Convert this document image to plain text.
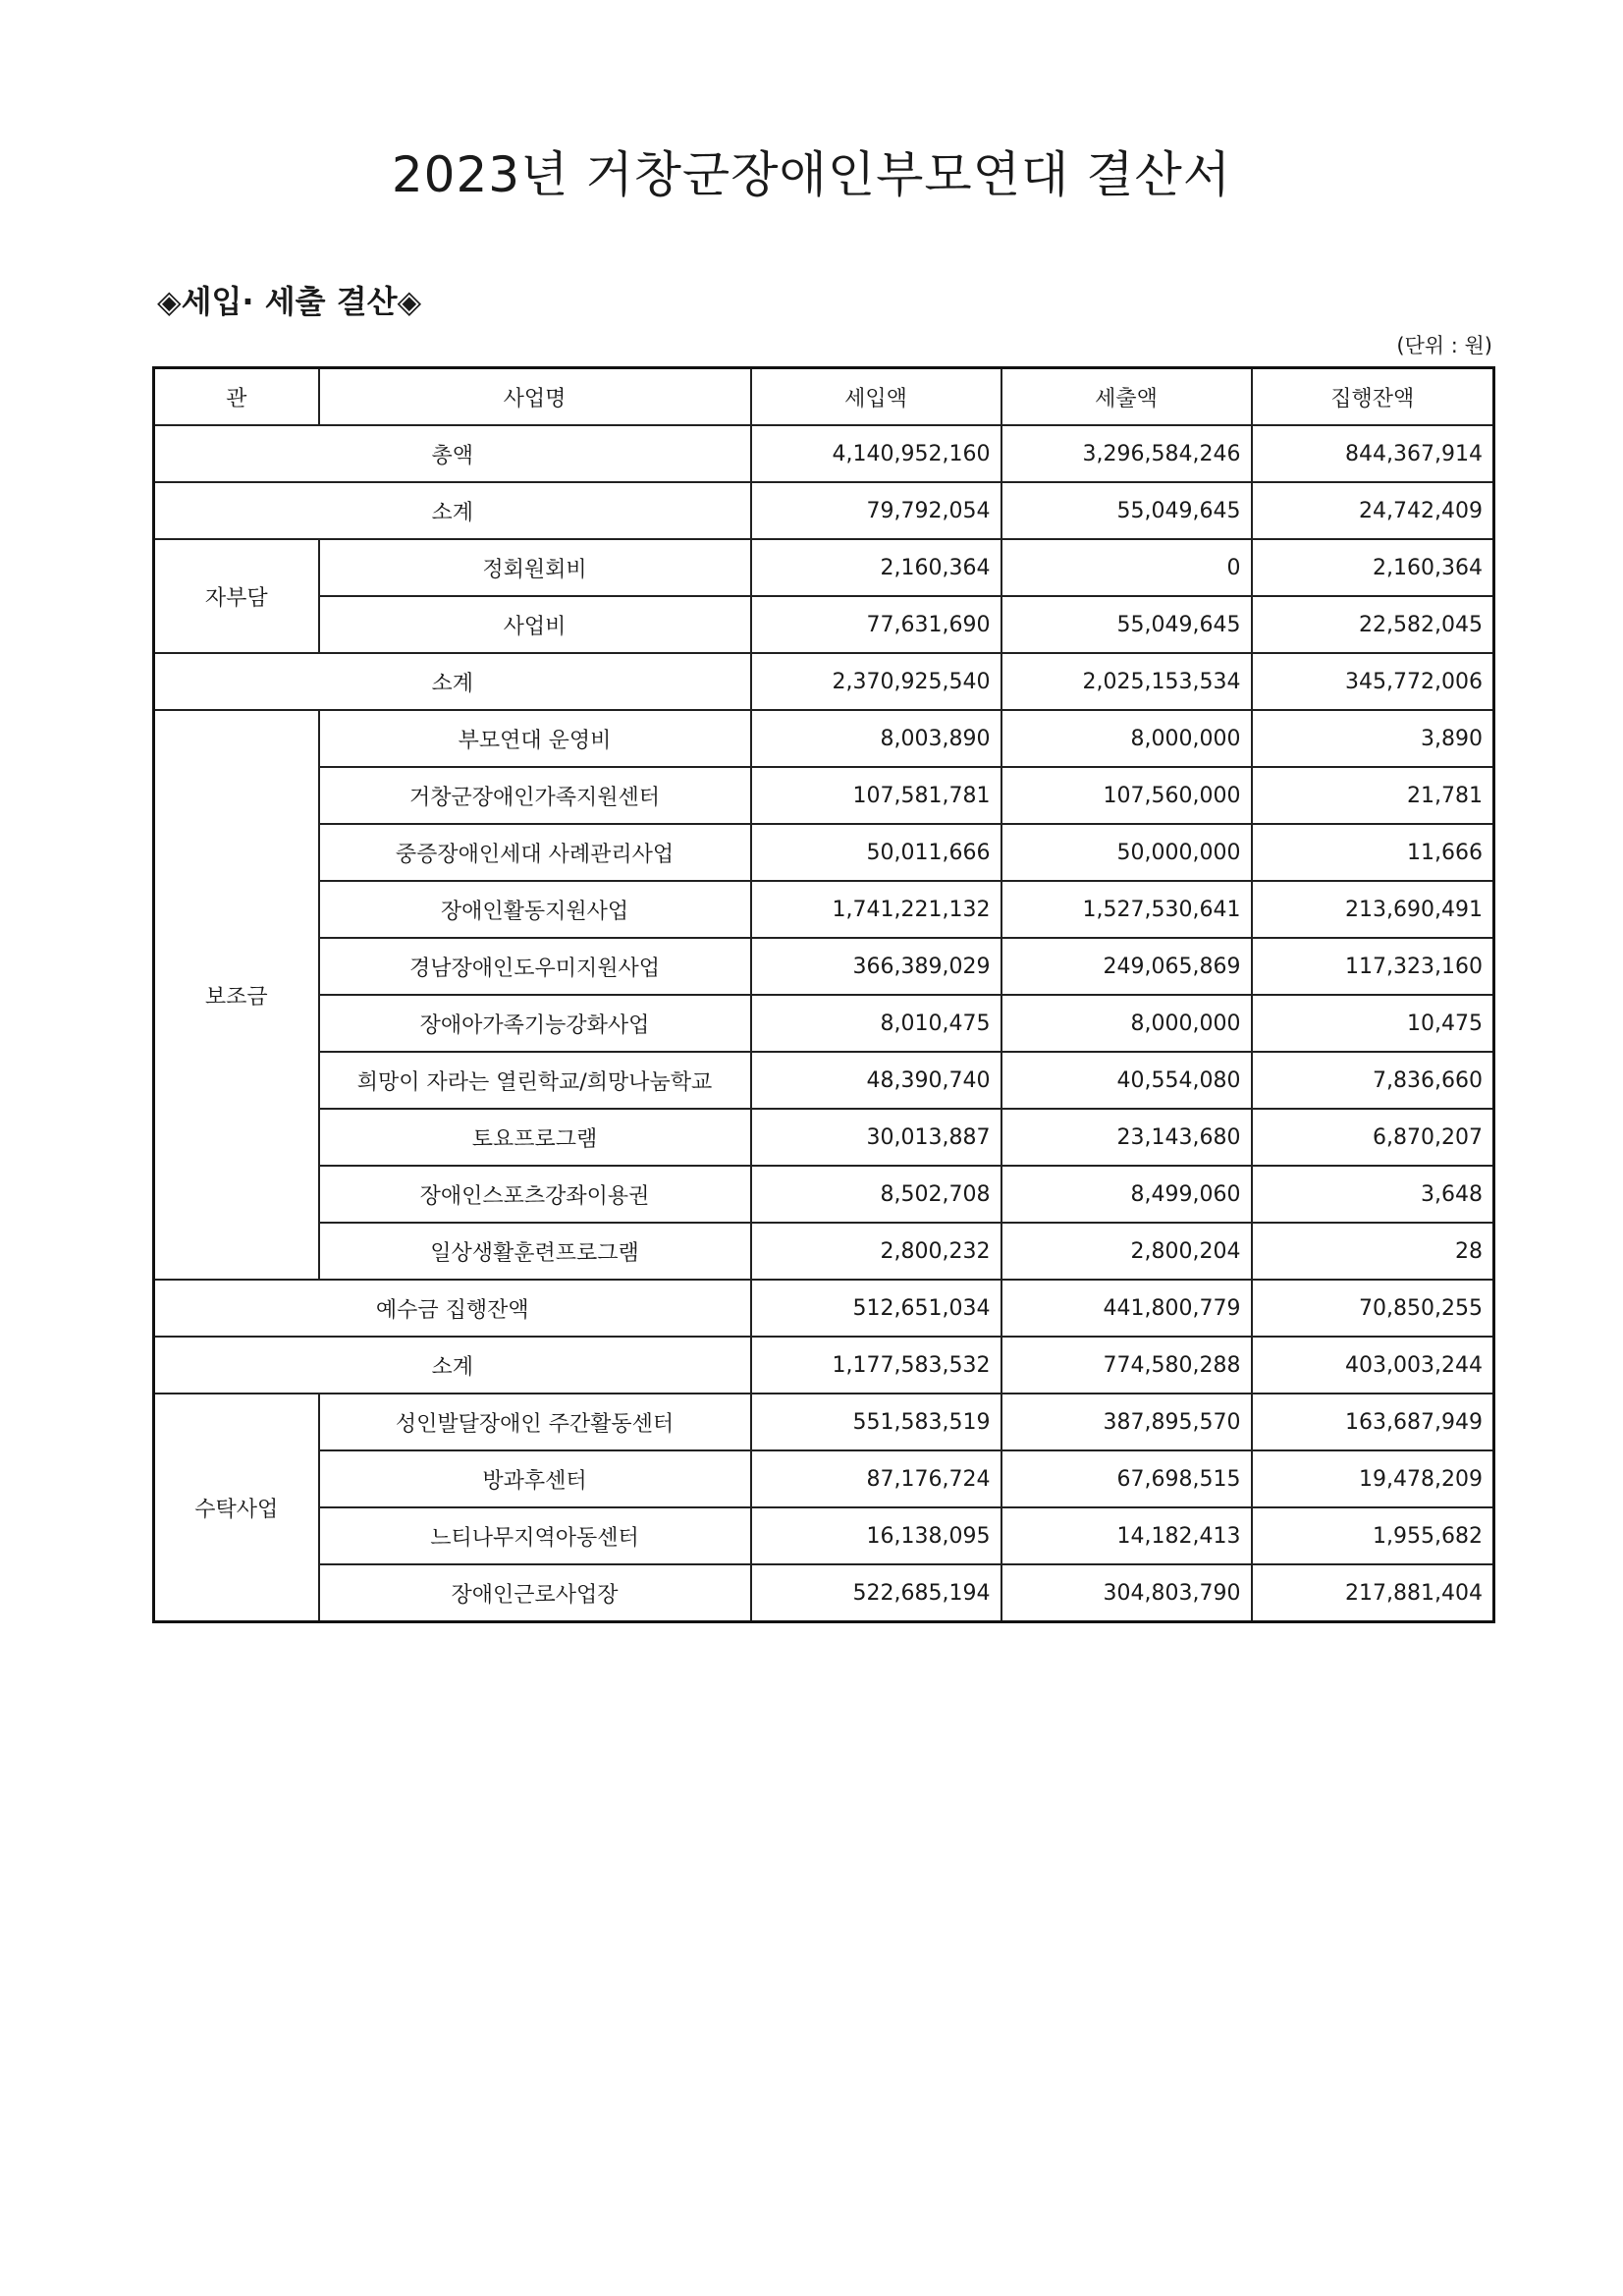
2023년 거창군장애인부모연대 결산서
◈세입· 세출 결산◈
(단위 : 원)
관	사업명	세입액	세출액	집행잔액
총액		4,140,952,160	3,296,584,246	844,367,914
소계		79,792,054	55,049,645	24,742,409
자부담	정회원회비	2,160,364	0	2,160,364
	사업비	77,631,690	55,049,645	22,582,045
소계		2,370,925,540	2,025,153,534	345,772,006
보조금	부모연대 운영비	8,003,890	8,000,000	3,890
	거창군장애인가족지원센터	107,581,781	107,560,000	21,781
	중증장애인세대 사례관리사업	50,011,666	50,000,000	11,666
	장애인활동지원사업	1,741,221,132	1,527,530,641	213,690,491
	경남장애인도우미지원사업	366,389,029	249,065,869	117,323,160
	장애아가족기능강화사업	8,010,475	8,000,000	10,475
	희망이 자라는 열린학교/희망나눔학교	48,390,740	40,554,080	7,836,660
	토요프로그램	30,013,887	23,143,680	6,870,207
	장애인스포츠강좌이용권	8,502,708	8,499,060	3,648
	일상생활훈련프로그램	2,800,232	2,800,204	28
예수금 집행잔액		512,651,034	441,800,779	70,850,255
소계		1,177,583,532	774,580,288	403,003,244
수탁사업	성인발달장애인 주간활동센터	551,583,519	387,895,570	163,687,949
	방과후센터	87,176,724	67,698,515	19,478,209
	느티나무지역아동센터	16,138,095	14,182,413	1,955,682
	장애인근로사업장	522,685,194	304,803,790	217,881,404
